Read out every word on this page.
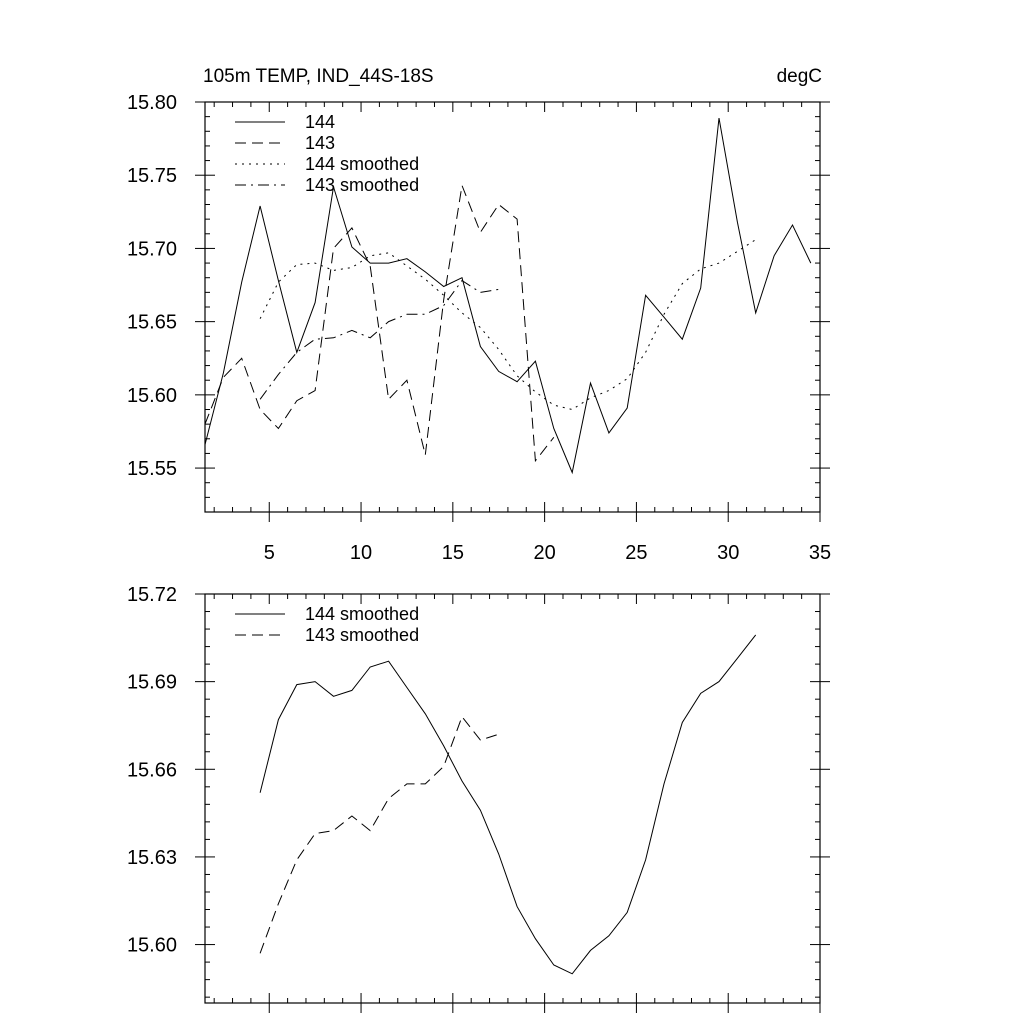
105m TEMP, IND_44S-18S	degC
5	10	15	20	25	30	35
15.55
15.60
15.65
15.70
15.75
15.80
144
143
144 smoothed
143 smoothed
15.60
15.63
15.66
15.69
15.72
144 smoothed
143 smoothed
